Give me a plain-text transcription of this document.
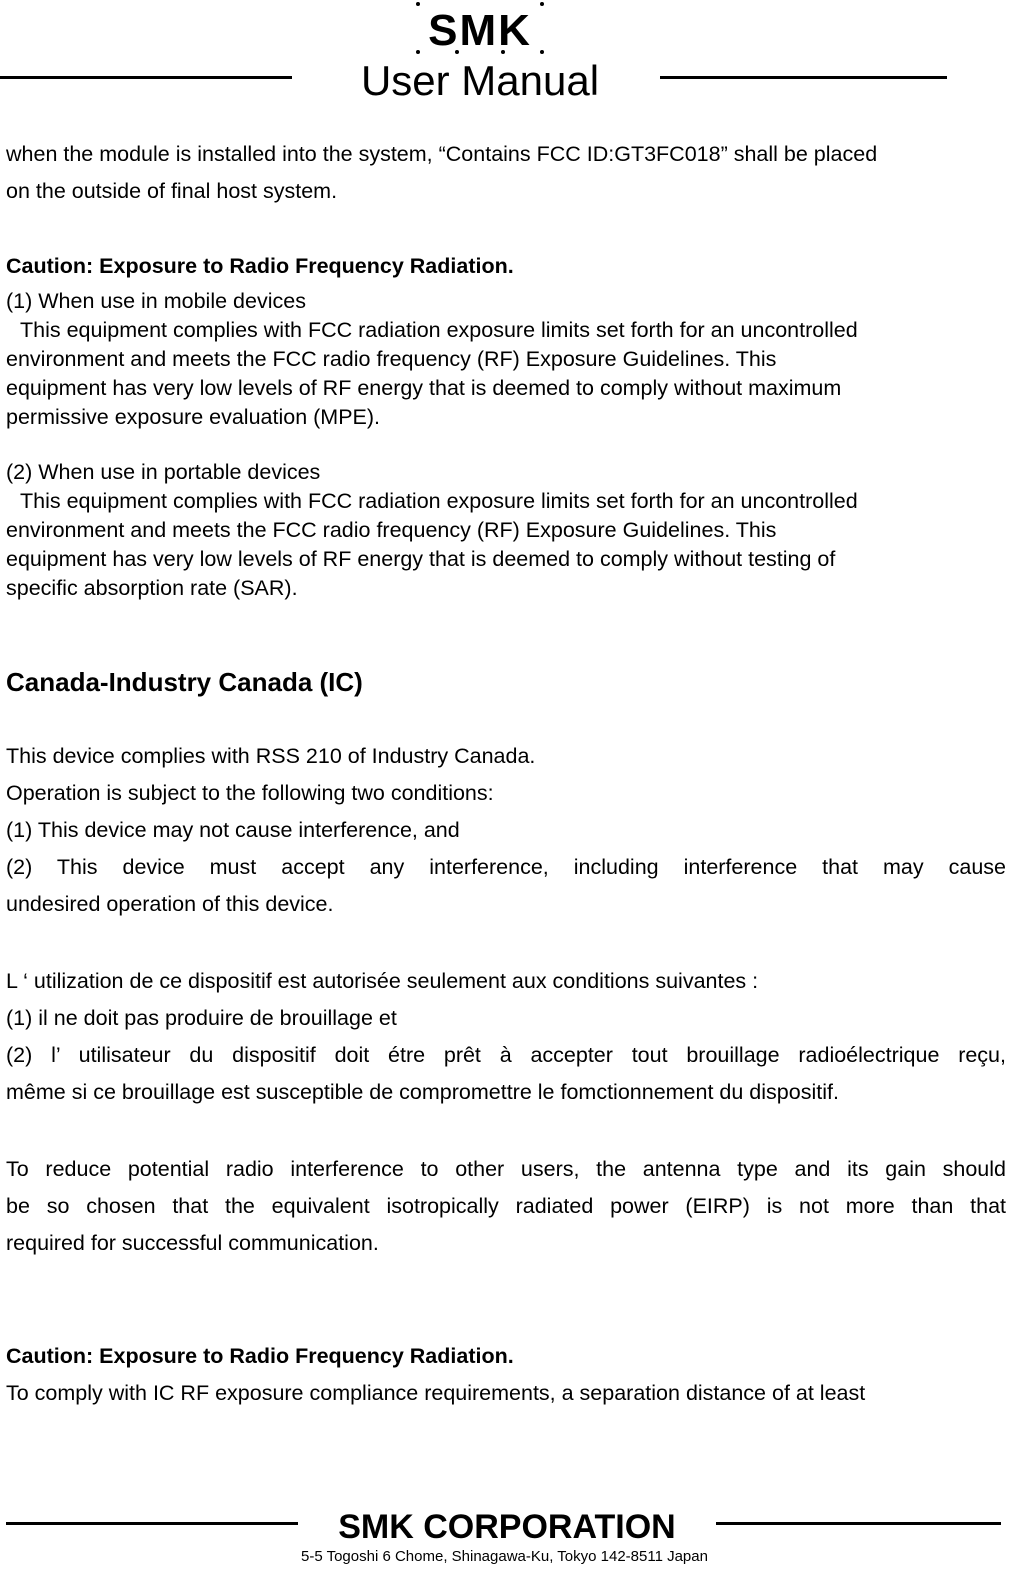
SMK
User Manual
when the module is installed into the system, “Contains FCC ID:GT3FC018” shall be placed
on the outside of final host system.
Caution: Exposure to Radio Frequency Radiation.
(1) When use in mobile devices
This equipment complies with FCC radiation exposure limits set forth for an uncontrolled
environment and meets the FCC radio frequency (RF) Exposure Guidelines. This
equipment has very low levels of RF energy that is deemed to comply without maximum
permissive exposure evaluation (MPE).
(2) When use in portable devices
This equipment complies with FCC radiation exposure limits set forth for an uncontrolled
environment and meets the FCC radio frequency (RF) Exposure Guidelines. This
equipment has very low levels of RF energy that is deemed to comply without testing of
specific absorption rate (SAR).
Canada-Industry Canada (IC)
This device complies with RSS 210 of Industry Canada.
Operation is subject to the following two conditions:
(1) This device may not cause interference, and
(2) This device must accept any interference, including interference that may cause
undesired operation of this device.
L ‘ utilization de ce dispositif est autorisée seulement aux conditions suivantes :
(1) il ne doit pas produire de brouillage et
(2) l’ utilisateur du dispositif doit étre prêt à accepter tout brouillage radioélectrique reçu,
même si ce brouillage est susceptible de compromettre le fomctionnement du dispositif.
To reduce potential radio interference to other users, the antenna type and its gain should
be so chosen that the equivalent isotropically radiated power (EIRP) is not more than that
required for successful communication.
Caution: Exposure to Radio Frequency Radiation.
To comply with IC RF exposure compliance requirements, a separation distance of at least
SMK CORPORATION
5-5 Togoshi 6 Chome, Shinagawa-Ku, Tokyo 142-8511 Japan
